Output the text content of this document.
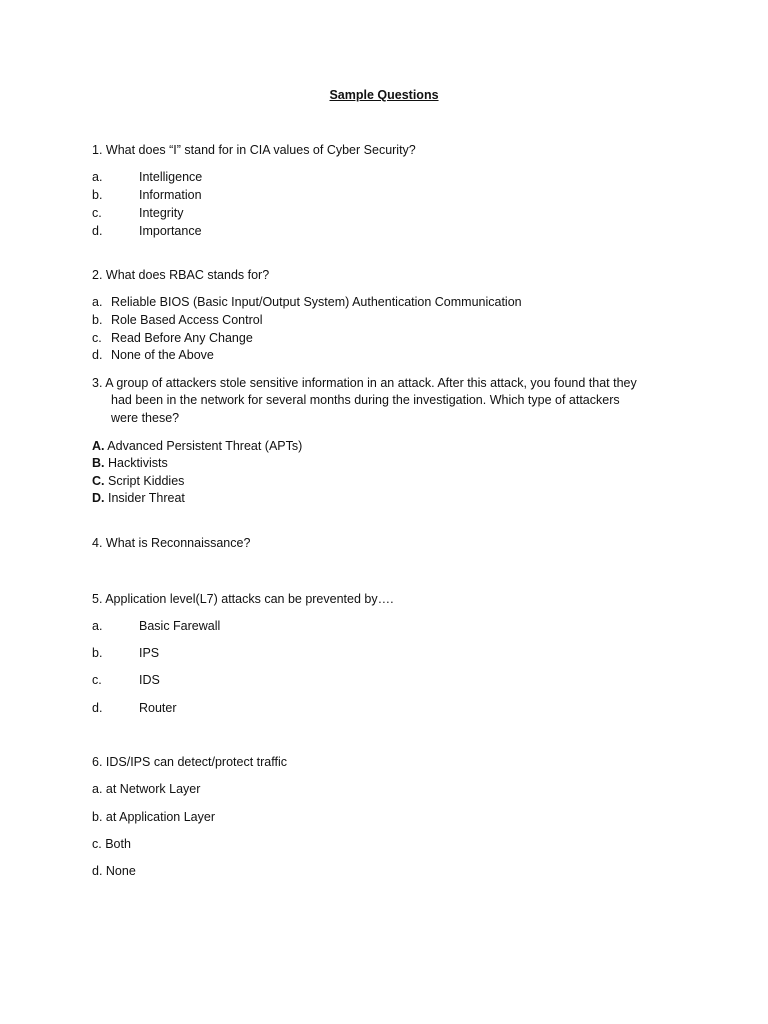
Sample Questions
1. What does “I” stand for in CIA values of Cyber Security?
a.	Intelligence
b.	Information
c.	Integrity
d.	Importance
2. What does RBAC stands for?
a. Reliable BIOS (Basic Input/Output System) Authentication Communication
b. Role Based Access Control
c. Read Before Any Change
d. None of the Above
3. A group of attackers stole sensitive information in an attack. After this attack, you found that they
had been in the network for several months during the investigation. Which type of attackers
were these?
A. Advanced Persistent Threat (APTs)
B. Hacktivists
C. Script Kiddies
D. Insider Threat
4. What is Reconnaissance?
5. Application level(L7) attacks can be prevented by….
a.	Basic Farewall
b.	IPS
c.	IDS
d.	Router
6. IDS/IPS can detect/protect traffic
a. at Network Layer
b. at Application Layer
c. Both
d. None
